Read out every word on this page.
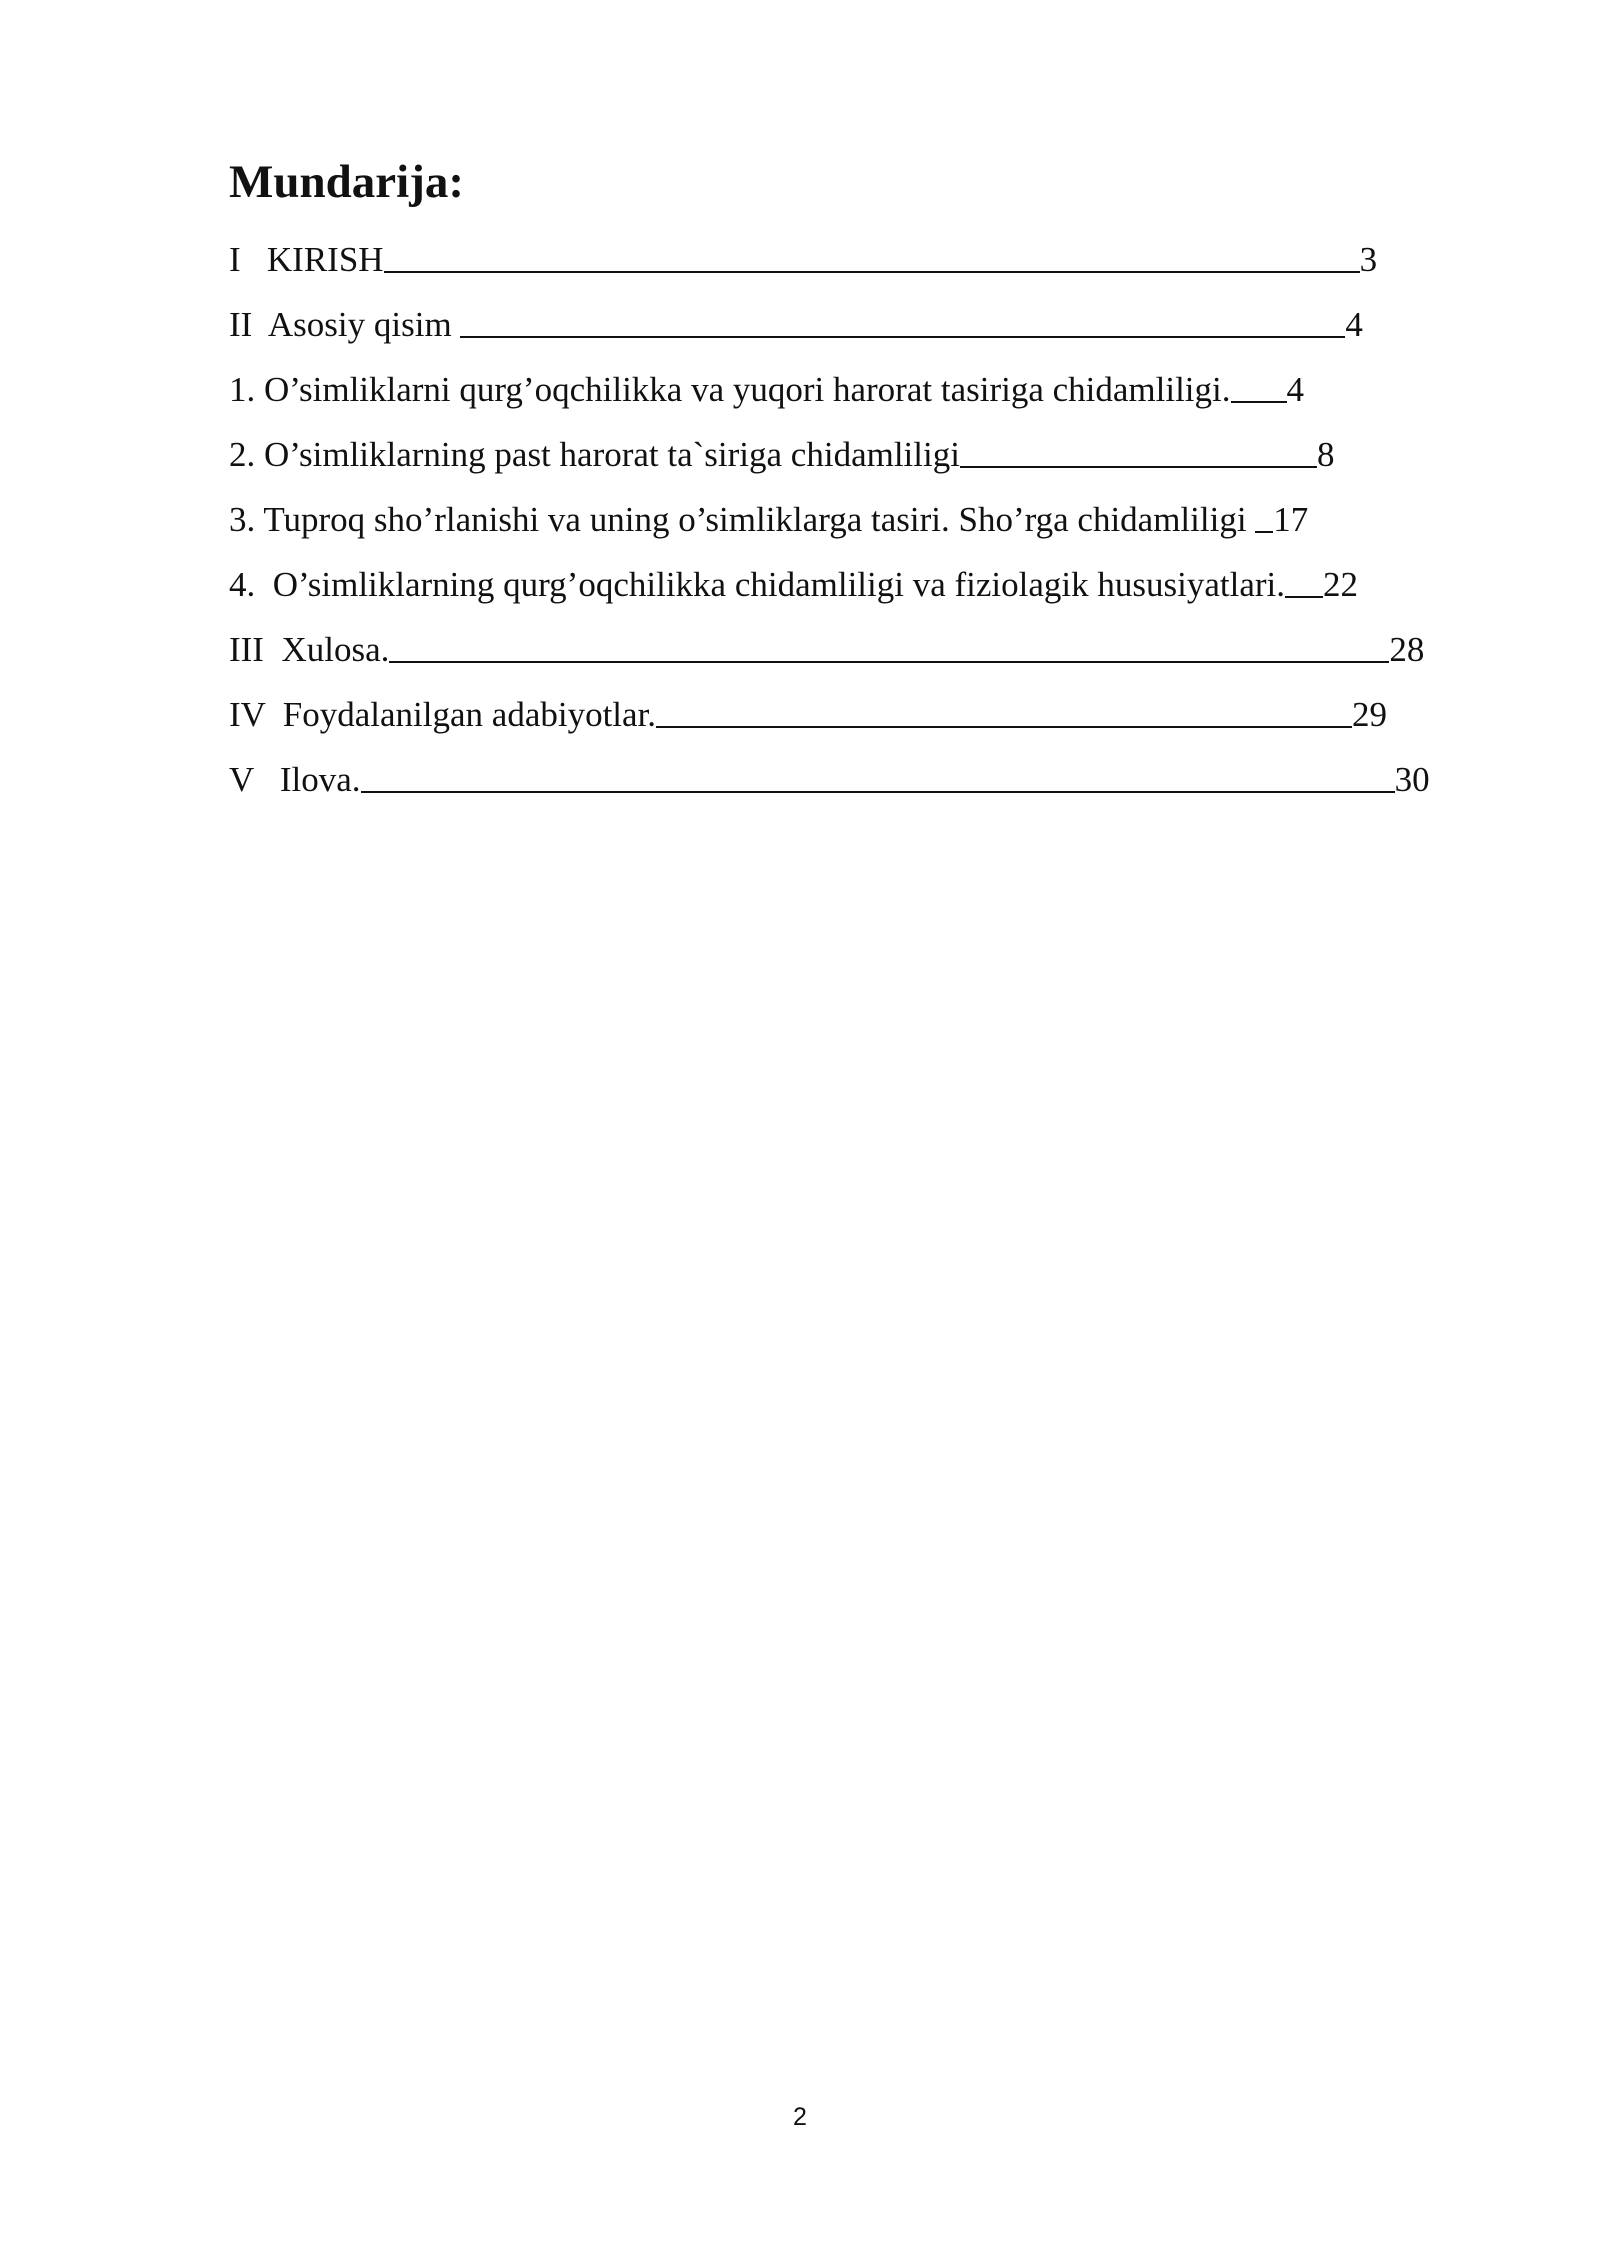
Mundarija:
I   KIRISH	3
II  Asosiy qisim	4
1. O’simliklarni qurg’oqchilikka va yuqori harorat tasiriga chidamliligi. 4
2. O’simliklarning past harorat ta`siriga chidamliligi	8
3. Tuproq sho’rlanishi va uning o’simliklarga tasiri. Sho’rga chidamliligi 17
4.  O’simliklarning qurg’oqchilikka chidamliligi va fiziolagik hususiyatlari. 22
III  Xulosa.	28
IV  Foydalanilgan adabiyotlar.	29
V   Ilova.	30
2
